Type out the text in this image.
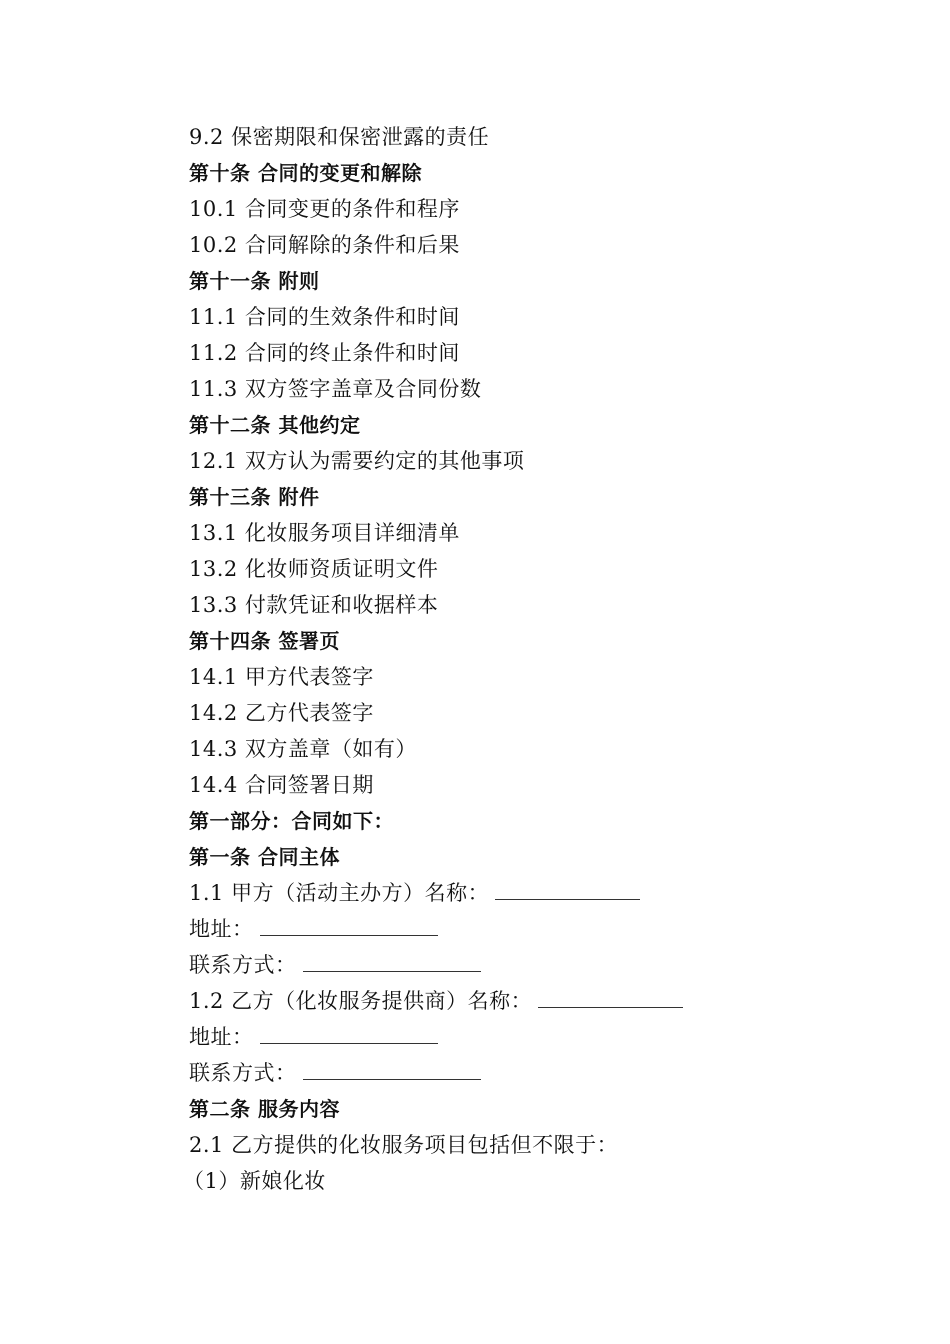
9.2 保密期限和保密泄露的责任
第十条 合同的变更和解除
10.1 合同变更的条件和程序
10.2 合同解除的条件和后果
第十一条 附则
11.1 合同的生效条件和时间
11.2 合同的终止条件和时间
11.3 双方签字盖章及合同份数
第十二条 其他约定
12.1 双方认为需要约定的其他事项
第十三条 附件
13.1 化妆服务项目详细清单
13.2 化妆师资质证明文件
13.3 付款凭证和收据样本
第十四条 签署页
14.1 甲方代表签字
14.2 乙方代表签字
14.3 双方盖章（如有）
14.4 合同签署日期
第一部分：合同如下：
第一条 合同主体
1.1 甲方（活动主办方）名称：
地址：
联系方式：
1.2 乙方（化妆服务提供商）名称：
地址：
联系方式：
第二条 服务内容
2.1 乙方提供的化妆服务项目包括但不限于：
（1）新娘化妆
